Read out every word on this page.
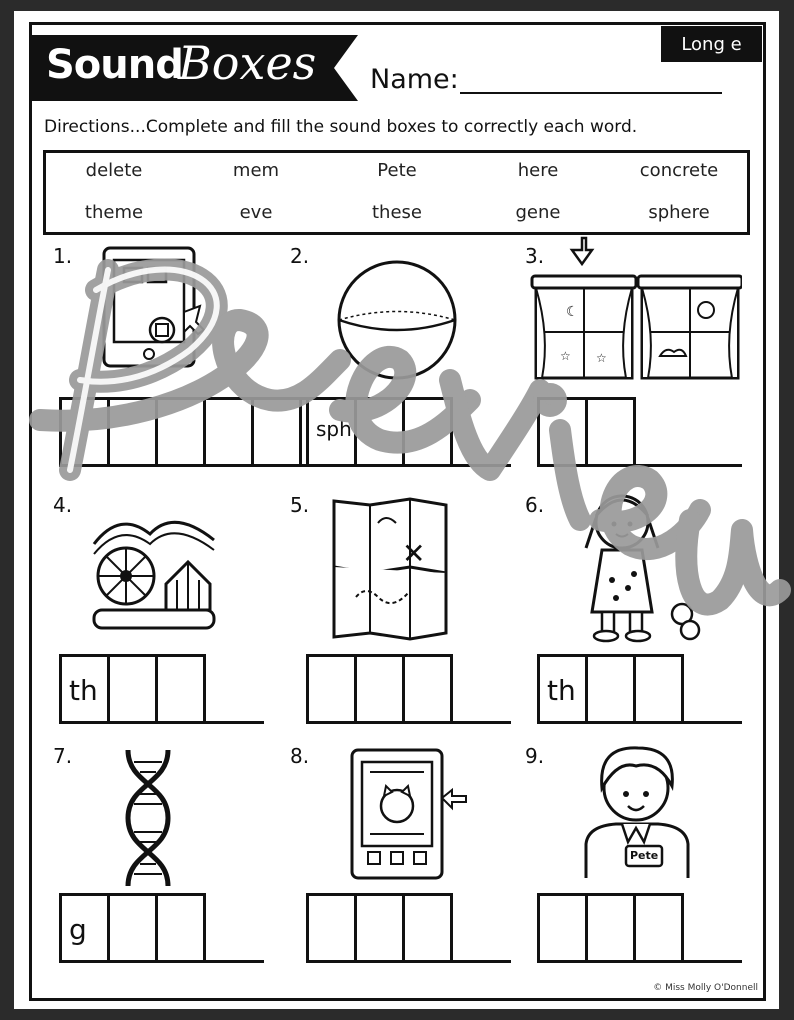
Sound
Boxes	Long e
Name:
Directions...Complete and fill the sound boxes to correctly each word.
delete	mem	Pete	here	concrete
theme	eve	these	gene	sphere
1.	2.	3.
4.	5.	6.
7.	8.	9.
☾
☆
☆
✕
Pete
sph
th	th
g
© Miss Molly O'Donnell
